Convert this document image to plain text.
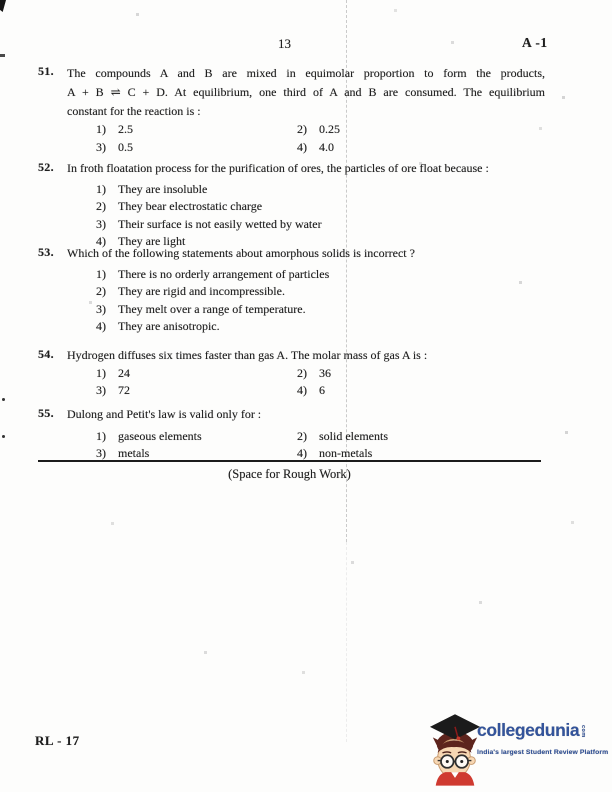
13	A -1
51. The compounds A and B are mixed in equimolar proportion to form the products,
A + B ⇌ C + D. At equilibrium, one third of A and B are consumed. The equilibrium
constant for the reaction is :
1) 2.5	2) 0.25
3) 0.5	4) 4.0
52. In froth floatation process for the purification of ores, the particles of ore float because :
1) They are insoluble
2) They bear electrostatic charge
3) Their surface is not easily wetted by water
4) They are light
53. Which of the following statements about amorphous solids is incorrect ?
1) There is no orderly arrangement of particles
2) They are rigid and incompressible.
3) They melt over a range of temperature.
4) They are anisotropic.
54. Hydrogen diffuses six times faster than gas A. The molar mass of gas A is :
1) 24	2) 36
3) 72	4) 6
55. Dulong and Petit's law is valid only for :
1) gaseous elements	2) solid elements
3) metals	4) non-metals
(Space for Rough Work)
RL - 17
collegedunia com
India's largest Student Review Platform
